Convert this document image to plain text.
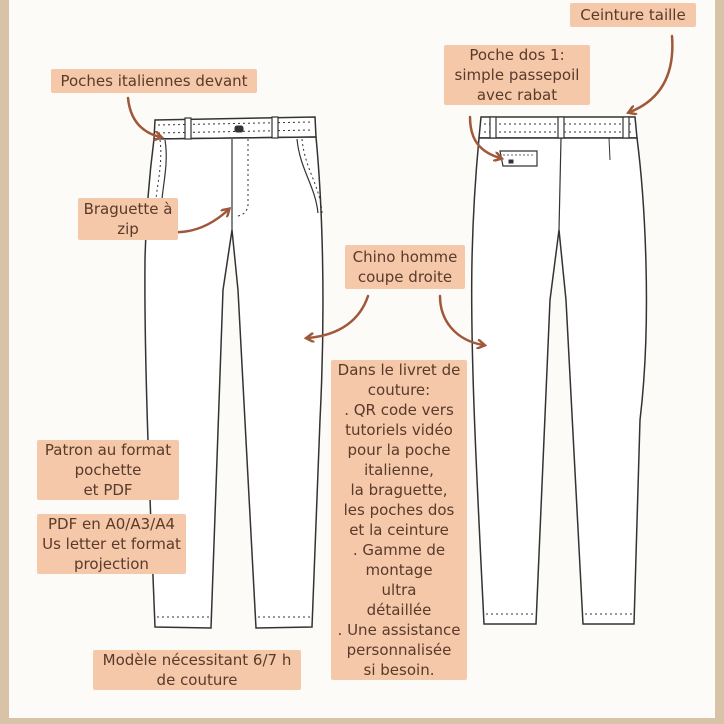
Ceinture taille
Poche dos 1:
simple passepoil
avec rabat
Poches italiennes devant
Braguette à
zip
Chino homme
coupe droite
Dans le livret de
couture:
. QR code vers
tutoriels vidéo
pour la poche
italienne,
la braguette,
les poches dos
et la ceinture
. Gamme de
montage
ultra
détaillée
. Une assistance
personnalisée
si besoin.
Patron au format
pochette
et PDF
PDF en A0/A3/A4
Us letter et format
projection
Modèle nécessitant 6/7 h
de couture
